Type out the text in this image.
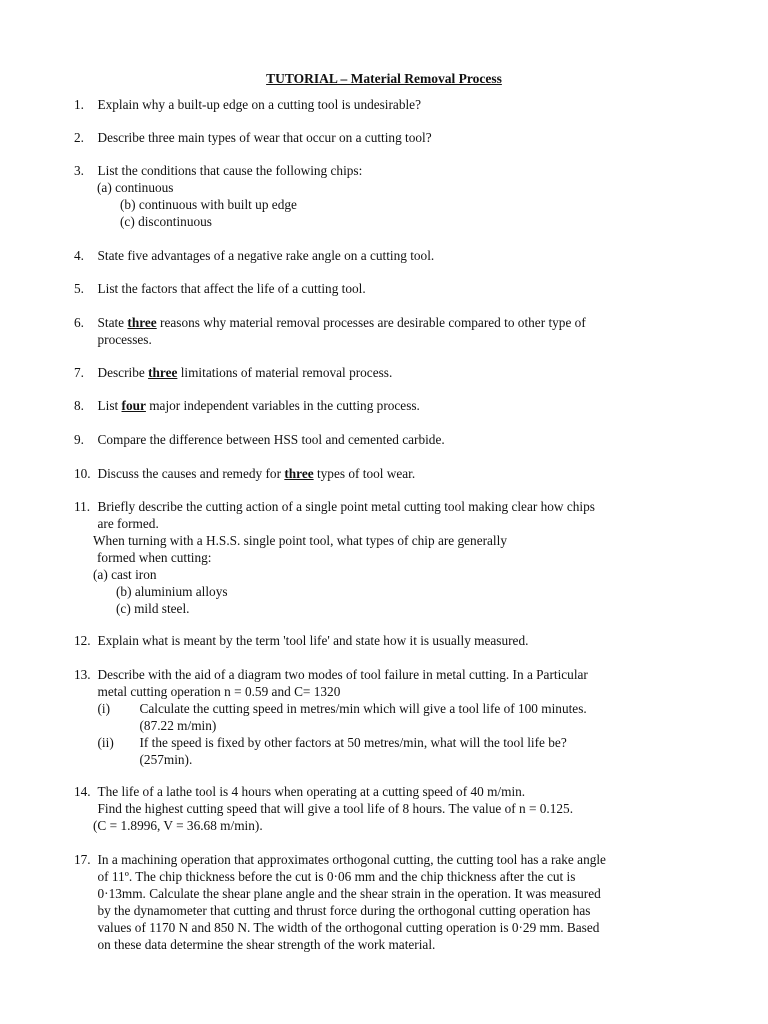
TUTORIAL – Material Removal Process
1. Explain why a built-up edge on a cutting tool is undesirable?
2. Describe three main types of wear that occur on a cutting tool?
3. List the conditions that cause the following chips:
(a) continuous
(b) continuous with built up edge
(c) discontinuous
4. State five advantages of a negative rake angle on a cutting tool.
5. List the factors that affect the life of a cutting tool.
6. State three reasons why material removal processes are desirable compared to other type of
processes.
7. Describe three limitations of material removal process.
8. List four major independent variables in the cutting process.
9. Compare the difference between HSS tool and cemented carbide.
10. Discuss the causes and remedy for three types of tool wear.
11. Briefly describe the cutting action of a single point metal cutting tool making clear how chips
are formed.
When turning with a H.S.S. single point tool, what types of chip are generally
formed when cutting:
(a) cast iron
(b) aluminium alloys
(c) mild steel.
12. Explain what is meant by the term 'tool life' and state how it is usually measured.
13. Describe with the aid of a diagram two modes of tool failure in metal cutting. In a Particular
metal cutting operation n = 0.59 and C= 1320
(i) Calculate the cutting speed in metres/min which will give a tool life of 100 minutes.
(87.22 m/min)
(ii) If the speed is fixed by other factors at 50 metres/min, what will the tool life be?
(257min).
14. The life of a lathe tool is 4 hours when operating at a cutting speed of 40 m/min.
Find the highest cutting speed that will give a tool life of 8 hours. The value of n = 0.125.
(C = 1.8996, V = 36.68 m/min).
17. In a machining operation that approximates orthogonal cutting, the cutting tool has a rake angle
of 11º. The chip thickness before the cut is 0·06 mm and the chip thickness after the cut is
0·13mm. Calculate the shear plane angle and the shear strain in the operation. It was measured
by the dynamometer that cutting and thrust force during the orthogonal cutting operation has
values of 1170 N and 850 N. The width of the orthogonal cutting operation is 0·29 mm. Based
on these data determine the shear strength of the work material.
